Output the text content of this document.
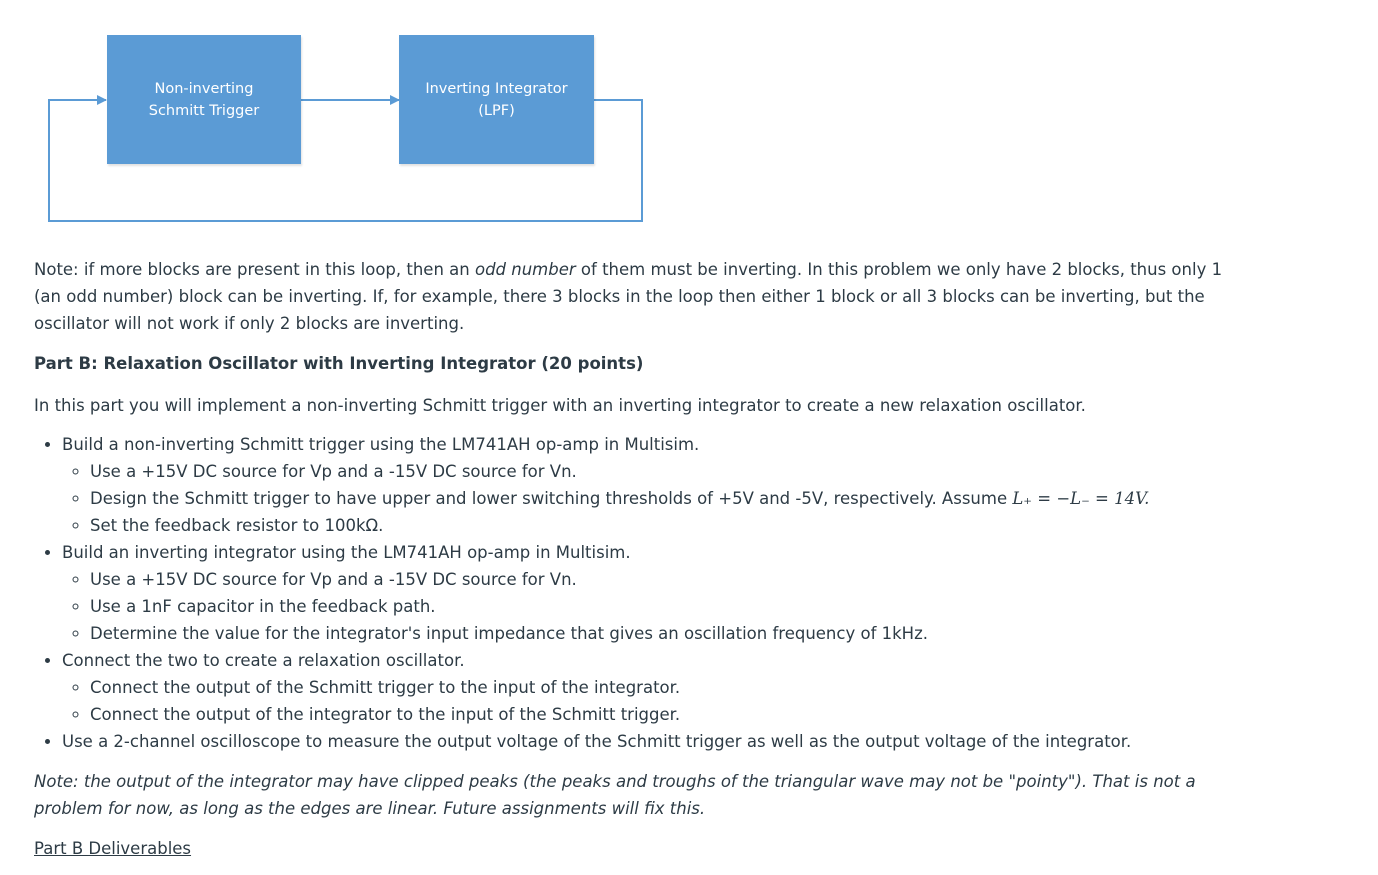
Non-inverting
Schmitt Trigger
Inverting Integrator
(LPF)

Note: if more blocks are present in this loop, then an odd number of them must be inverting. In this problem we only have 2 blocks, thus only 1 (an odd number) block can be inverting. If, for example, there 3 blocks in the loop then either 1 block or all 3 blocks can be inverting, but the oscillator will not work if only 2 blocks are inverting.

Part B: Relaxation Oscillator with Inverting Integrator (20 points)

In this part you will implement a non-inverting Schmitt trigger with an inverting integrator to create a new relaxation oscillator.

• Build a non-inverting Schmitt trigger using the LM741AH op-amp in Multisim.
◦ Use a +15V DC source for Vp and a -15V DC source for Vn.
◦ Design the Schmitt trigger to have upper and lower switching thresholds of +5V and -5V, respectively. Assume L₊ = −L₋ = 14V.
◦ Set the feedback resistor to 100kΩ.
• Build an inverting integrator using the LM741AH op-amp in Multisim.
◦ Use a +15V DC source for Vp and a -15V DC source for Vn.
◦ Use a 1nF capacitor in the feedback path.
◦ Determine the value for the integrator's input impedance that gives an oscillation frequency of 1kHz.
• Connect the two to create a relaxation oscillator.
◦ Connect the output of the Schmitt trigger to the input of the integrator.
◦ Connect the output of the integrator to the input of the Schmitt trigger.
• Use a 2-channel oscilloscope to measure the output voltage of the Schmitt trigger as well as the output voltage of the integrator.

Note: the output of the integrator may have clipped peaks (the peaks and troughs of the triangular wave may not be "pointy"). That is not a problem for now, as long as the edges are linear. Future assignments will fix this.

Part B Deliverables
